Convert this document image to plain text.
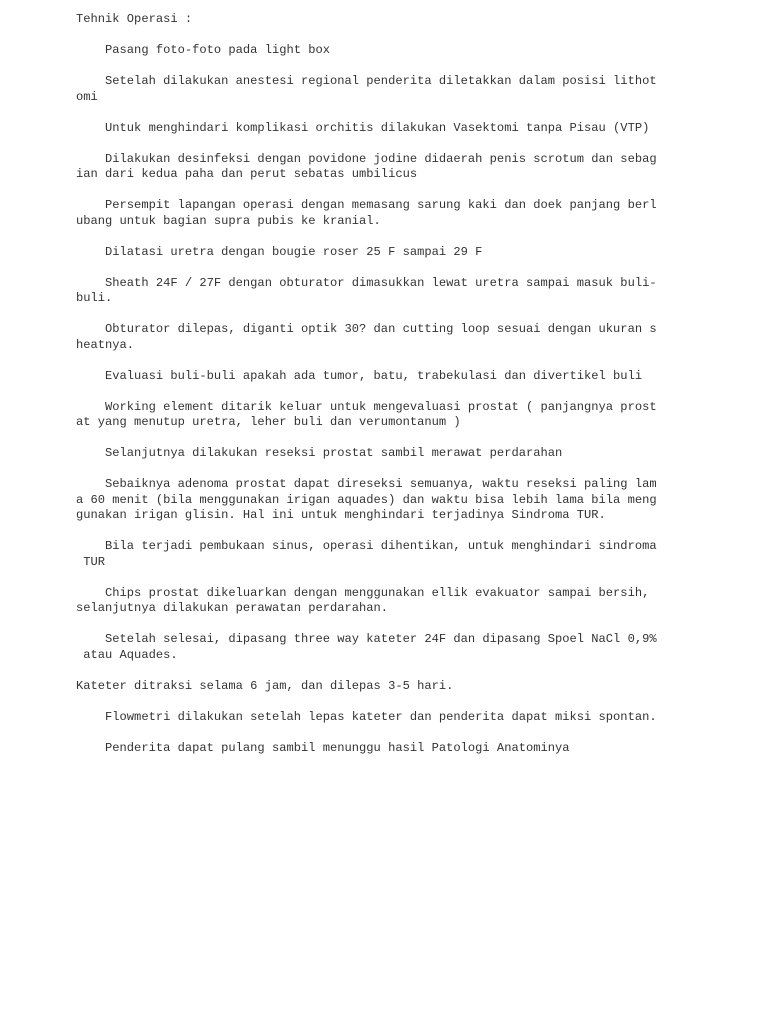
Tehnik Operasi :
Pasang foto-foto pada light box
Setelah dilakukan anestesi regional penderita diletakkan dalam posisi lithot
omi
Untuk menghindari komplikasi orchitis dilakukan Vasektomi tanpa Pisau (VTP)
Dilakukan desinfeksi dengan povidone jodine didaerah penis scrotum dan sebag
ian dari kedua paha dan perut sebatas umbilicus
Persempit lapangan operasi dengan memasang sarung kaki dan doek panjang berl
ubang untuk bagian supra pubis ke kranial.
Dilatasi uretra dengan bougie roser 25 F sampai 29 F
Sheath 24F / 27F dengan obturator dimasukkan lewat uretra sampai masuk buli-
buli.
Obturator dilepas, diganti optik 30? dan cutting loop sesuai dengan ukuran s
heatnya.
Evaluasi buli-buli apakah ada tumor, batu, trabekulasi dan divertikel buli
Working element ditarik keluar untuk mengevaluasi prostat ( panjangnya prost
at yang menutup uretra, leher buli dan verumontanum )
Selanjutnya dilakukan reseksi prostat sambil merawat perdarahan
Sebaiknya adenoma prostat dapat direseksi semuanya, waktu reseksi paling lam
a 60 menit (bila menggunakan irigan aquades) dan waktu bisa lebih lama bila meng
gunakan irigan glisin. Hal ini untuk menghindari terjadinya Sindroma TUR.
Bila terjadi pembukaan sinus, operasi dihentikan, untuk menghindari sindroma
TUR
Chips prostat dikeluarkan dengan menggunakan ellik evakuator sampai bersih,
selanjutnya dilakukan perawatan perdarahan.
Setelah selesai, dipasang three way kateter 24F dan dipasang Spoel NaCl 0,9%
atau Aquades.
Kateter ditraksi selama 6 jam, dan dilepas 3-5 hari.
Flowmetri dilakukan setelah lepas kateter dan penderita dapat miksi spontan.
Penderita dapat pulang sambil menunggu hasil Patologi Anatominya
